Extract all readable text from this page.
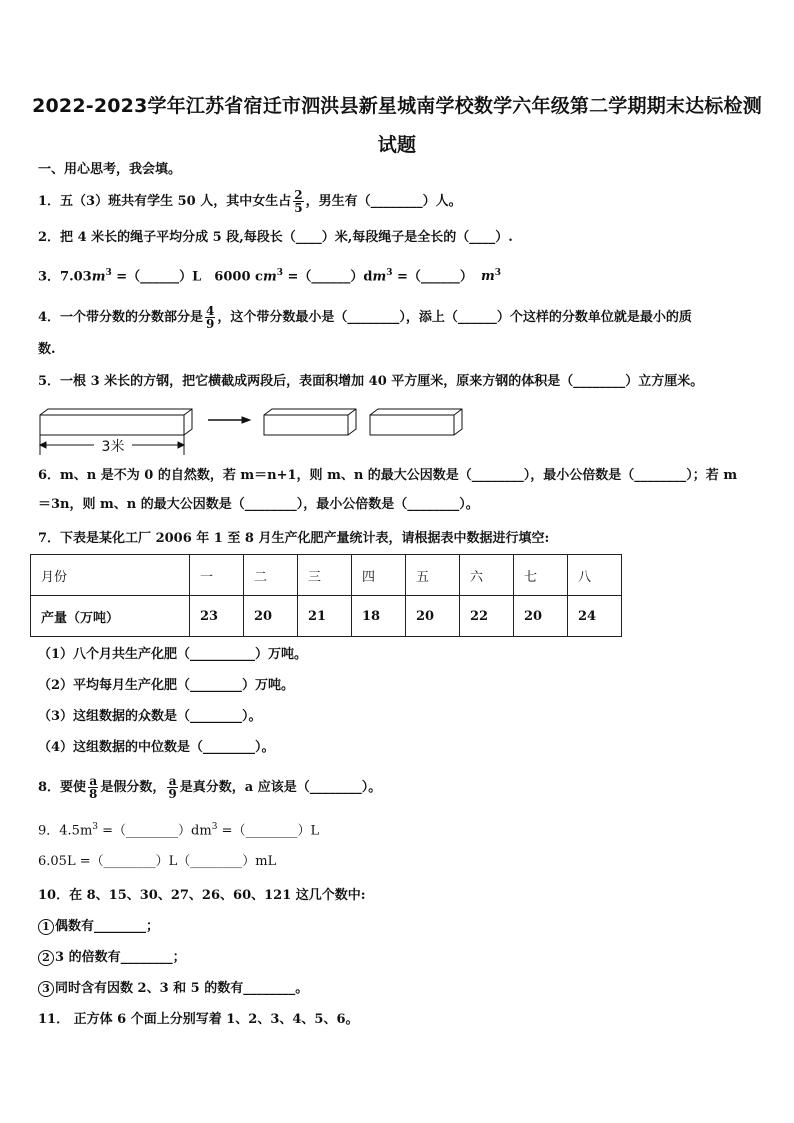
2022-2023学年江苏省宿迁市泗洪县新星城南学校数学六年级第二学期期末达标检测
试题
一、用心思考，我会填。
1．五（3）班共有学生 50 人，其中女生占 $\frac{2}{5}$ ，男生有（________）人。
2．把 4 米长的绳子平均分成 5 段,每段长（____）米,每段绳子是全长的（____）.
3．$7.03m^3$ =（______）L　6000 $cm^3$ $=(\_\_\_\_\_\_)dm^3$ =（______） $m^3$
4．一个带分数的分数部分是 $\frac{4}{9}$ ，这个带分数最小是（________），添上（______）个这样的分数单位就是最小的质
数.
5．一根 3 米长的方钢，把它横截成两段后，表面积增加 40 平方厘米，原来方钢的体积是（________）立方厘米。
3米
6．m、n 是不为 0 的自然数，若 m＝n+1，则 m、n 的最大公因数是（________），最小公倍数是（________）；若 m
＝3n，则 m、n 的最大公因数是（________），最小公倍数是（________）。
7．下表是某化工厂 2006 年 1 至 8 月生产化肥产量统计表，请根据表中数据进行填空:
月份	一	二	三	四	五	六	七	八
产量（万吨）	23	20	21	18	20	22	20	24
（1）八个月共生产化肥（__________）万吨。
（2）平均每月生产化肥（________）万吨。
（3）这组数据的众数是（________）。
（4）这组数据的中位数是（________）。
8．要使 $\frac{a}{8}$ 是假分数， $\frac{a}{9}$ 是真分数，a 应该是（________）。
9．$4.5m^3$ $=(\_\_\_\_\_\_\_\_)dm^3$ =（________）L
6.05L =（________）L（________）mL
10．在 8、15、30、27、26、60、121 这几个数中:
1 偶数有________；
2 3 的倍数有________；
3 同时含有因数 2、3 和 5 的数有________。
11． 正方体 6 个面上分别写着 1、2、3、4、5、6。
